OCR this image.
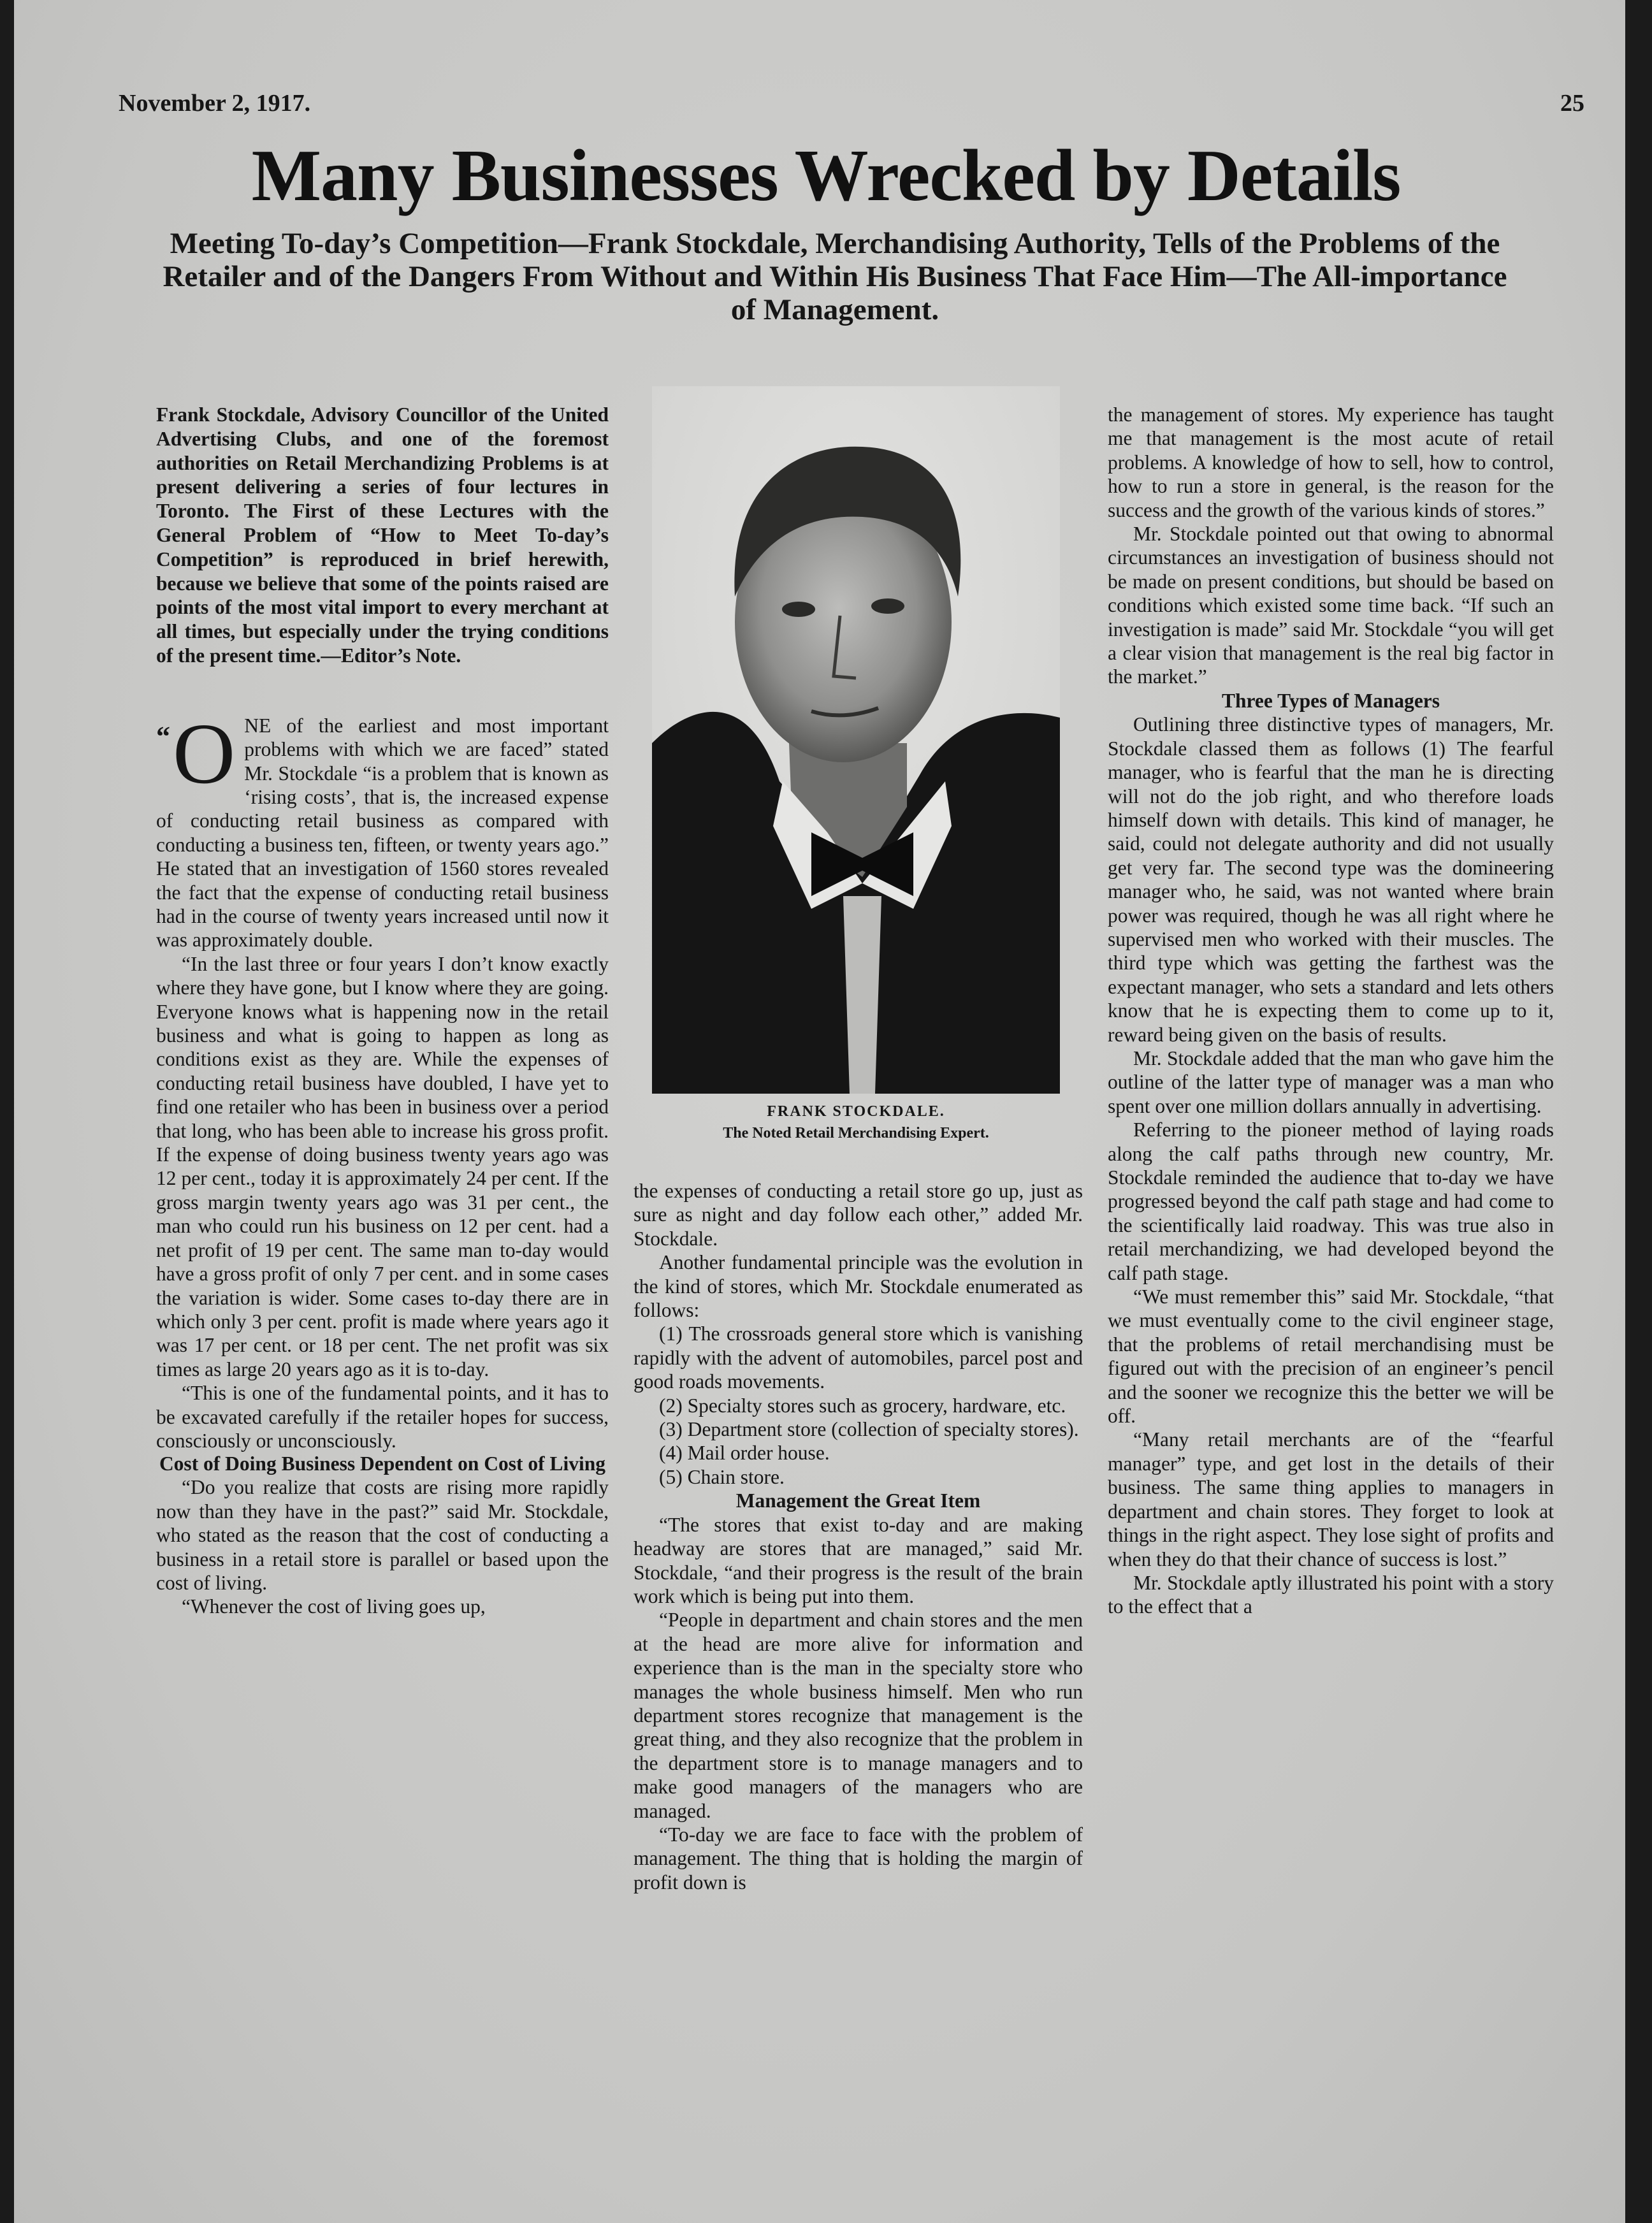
November 2, 1917.	25
Many Businesses Wrecked by Details
Meeting To-day’s Competition—Frank Stockdale, Merchandising Authority, Tells of the Problems of the Retailer and of the Dangers From Without and Within His Business That Face Him—The All-importance of Management.

Frank Stockdale, Advisory Councillor of the United Advertising Clubs, and one of the foremost authorities on Retail Merchandizing Problems is at present delivering a series of four lectures in Toronto. The First of these Lectures with the General Problem of “How to Meet To-day’s Competition” is reproduced in brief herewith, because we believe that some of the points raised are points of the most vital import to every merchant at all times, but especially under the trying conditions of the present time.—Editor’s Note.

“ O NE of the earliest and most important problems with which we are faced” stated Mr. Stockdale “is a problem that is known as ‘rising costs’, that is, the increased expense of conducting retail business as compared with conducting a business ten, fifteen, or twenty years ago.” He stated that an investigation of 1560 stores revealed the fact that the expense of conducting retail business had in the course of twenty years increased until now it was approximately double.

“In the last three or four years I don’t know exactly where they have gone, but I know where they are going. Everyone knows what is happening now in the retail business and what is going to happen as long as conditions exist as they are. While the expenses of conducting retail business have doubled, I have yet to find one retailer who has been in business over a period that long, who has been able to increase his gross profit. If the expense of doing business twenty years ago was 12 per cent., today it is approximately 24 per cent. If the gross margin twenty years ago was 31 per cent., the man who could run his business on 12 per cent. had a net profit of 19 per cent. The same man to-day would have a gross profit of only 7 per cent. and in some cases the variation is wider. Some cases to-day there are in which only 3 per cent. profit is made where years ago it was 17 per cent. or 18 per cent. The net profit was six times as large 20 years ago as it is to-day.

“This is one of the fundamental points, and it has to be excavated carefully if the retailer hopes for success, consciously or unconsciously.

Cost of Doing Business Dependent on Cost of Living

“Do you realize that costs are rising more rapidly now than they have in the past?” said Mr. Stockdale, who stated as the reason that the cost of conducting a business in a retail store is parallel or based upon the cost of living.

“Whenever the cost of living goes up,

FRANK STOCKDALE.
The Noted Retail Merchandising Expert.

the expenses of conducting a retail store go up, just as sure as night and day follow each other,” added Mr. Stockdale.

Another fundamental principle was the evolution in the kind of stores, which Mr. Stockdale enumerated as follows:

(1) The crossroads general store which is vanishing rapidly with the advent of automobiles, parcel post and good roads movements.

(2) Specialty stores such as grocery, hardware, etc.

(3) Department store (collection of specialty stores).

(4) Mail order house.

(5) Chain store.

Management the Great Item

“The stores that exist to-day and are making headway are stores that are managed,” said Mr. Stockdale, “and their progress is the result of the brain work which is being put into them.

“People in department and chain stores and the men at the head are more alive for information and experience than is the man in the specialty store who manages the whole business himself. Men who run department stores recognize that management is the great thing, and they also recognize that the problem in the department store is to manage managers and to make good managers of the managers who are managed.

“To-day we are face to face with the problem of management. The thing that is holding the margin of profit down is

the management of stores. My experience has taught me that management is the most acute of retail problems. A knowledge of how to sell, how to control, how to run a store in general, is the reason for the success and the growth of the various kinds of stores.”

Mr. Stockdale pointed out that owing to abnormal circumstances an investigation of business should not be made on present conditions, but should be based on conditions which existed some time back. “If such an investigation is made” said Mr. Stockdale “you will get a clear vision that management is the real big factor in the market.”

Three Types of Managers

Outlining three distinctive types of managers, Mr. Stockdale classed them as follows (1) The fearful manager, who is fearful that the man he is directing will not do the job right, and who therefore loads himself down with details. This kind of manager, he said, could not delegate authority and did not usually get very far. The second type was the domineering manager who, he said, was not wanted where brain power was required, though he was all right where he supervised men who worked with their muscles. The third type which was getting the farthest was the expectant manager, who sets a standard and lets others know that he is expecting them to come up to it, reward being given on the basis of results.

Mr. Stockdale added that the man who gave him the outline of the latter type of manager was a man who spent over one million dollars annually in advertising.

Referring to the pioneer method of laying roads along the calf paths through new country, Mr. Stockdale reminded the audience that to-day we have progressed beyond the calf path stage and had come to the scientifically laid roadway. This was true also in retail merchandizing, we had developed beyond the calf path stage.

“We must remember this” said Mr. Stockdale, “that we must eventually come to the civil engineer stage, that the problems of retail merchandising must be figured out with the precision of an engineer’s pencil and the sooner we recognize this the better we will be off.

“Many retail merchants are of the “fearful manager” type, and get lost in the details of their business. The same thing applies to managers in department and chain stores. They forget to look at things in the right aspect. They lose sight of profits and when they do that their chance of success is lost.”

Mr. Stockdale aptly illustrated his point with a story to the effect that a
